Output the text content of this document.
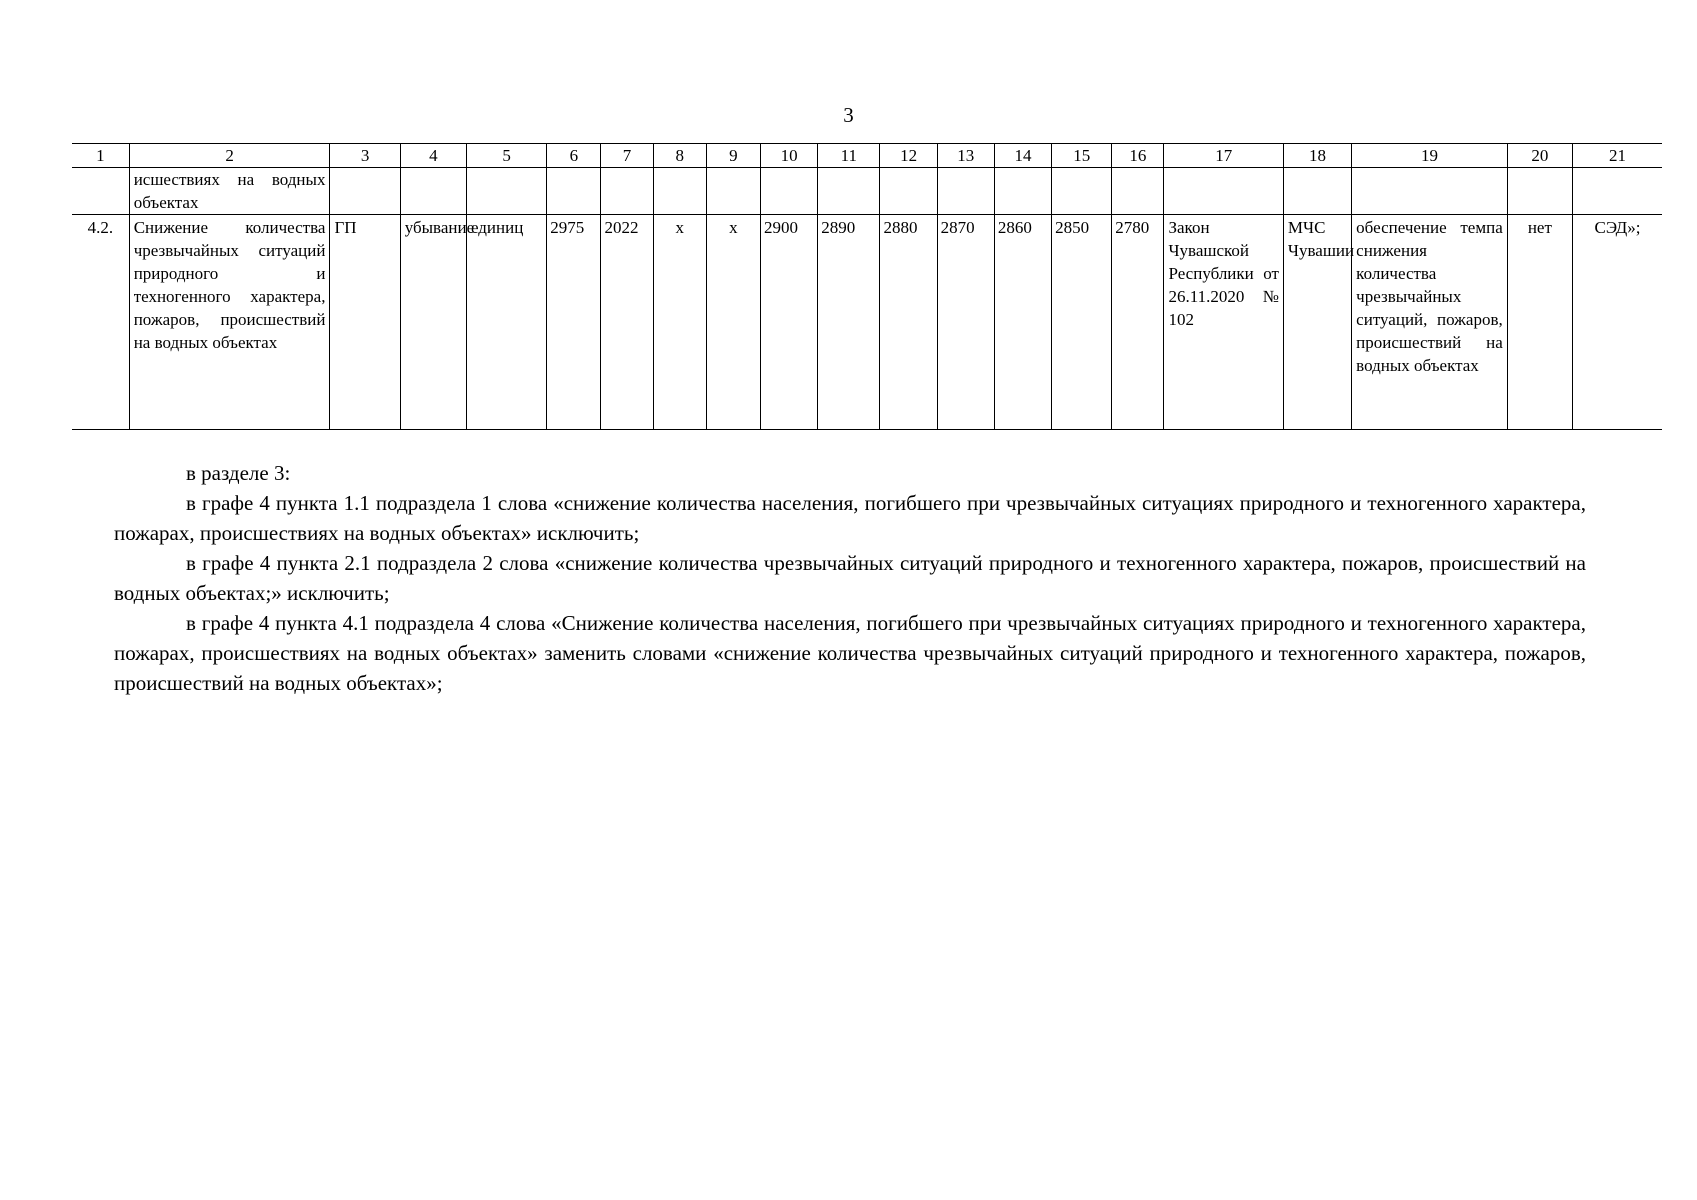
3
1	2	3	4	5	6	7	8	9	10	11	12	13	14	15	16	17	18	19	20	21
	исшествиях на водных объектах																			
4.2.	Снижение количества чрезвычайных ситуаций природного и техногенного характера, пожаров, происшествий на водных объектах	ГП	убывание	единиц	2975	2022	х	х	2900	2890	2880	2870	2860	2850	2780	Закон Чувашской Республики от 26.11.2020 № 102	МЧС Чувашии	обеспечение темпа снижения количества чрезвычайных ситуаций, пожаров, происшествий на водных объектах	нет	СЭД»;

в разделе 3:

в графе 4 пункта 1.1 подраздела 1 слова «снижение количества населения, погибшего при чрезвычайных ситуациях природного и техногенного характера, пожарах, происшествиях на водных объектах» исключить;

в графе 4 пункта 2.1 подраздела 2 слова «снижение количества чрезвычайных ситуаций природного и техногенного характера, пожаров, происшествий на водных объектах;» исключить;

в графе 4 пункта 4.1 подраздела 4 слова «Снижение количества населения, погибшего при чрезвычайных ситуациях природного и техногенного характера, пожарах, происшествиях на водных объектах» заменить словами «снижение количества чрезвычайных ситуаций природного и техногенного характера, пожаров, происшествий на водных объектах»;
